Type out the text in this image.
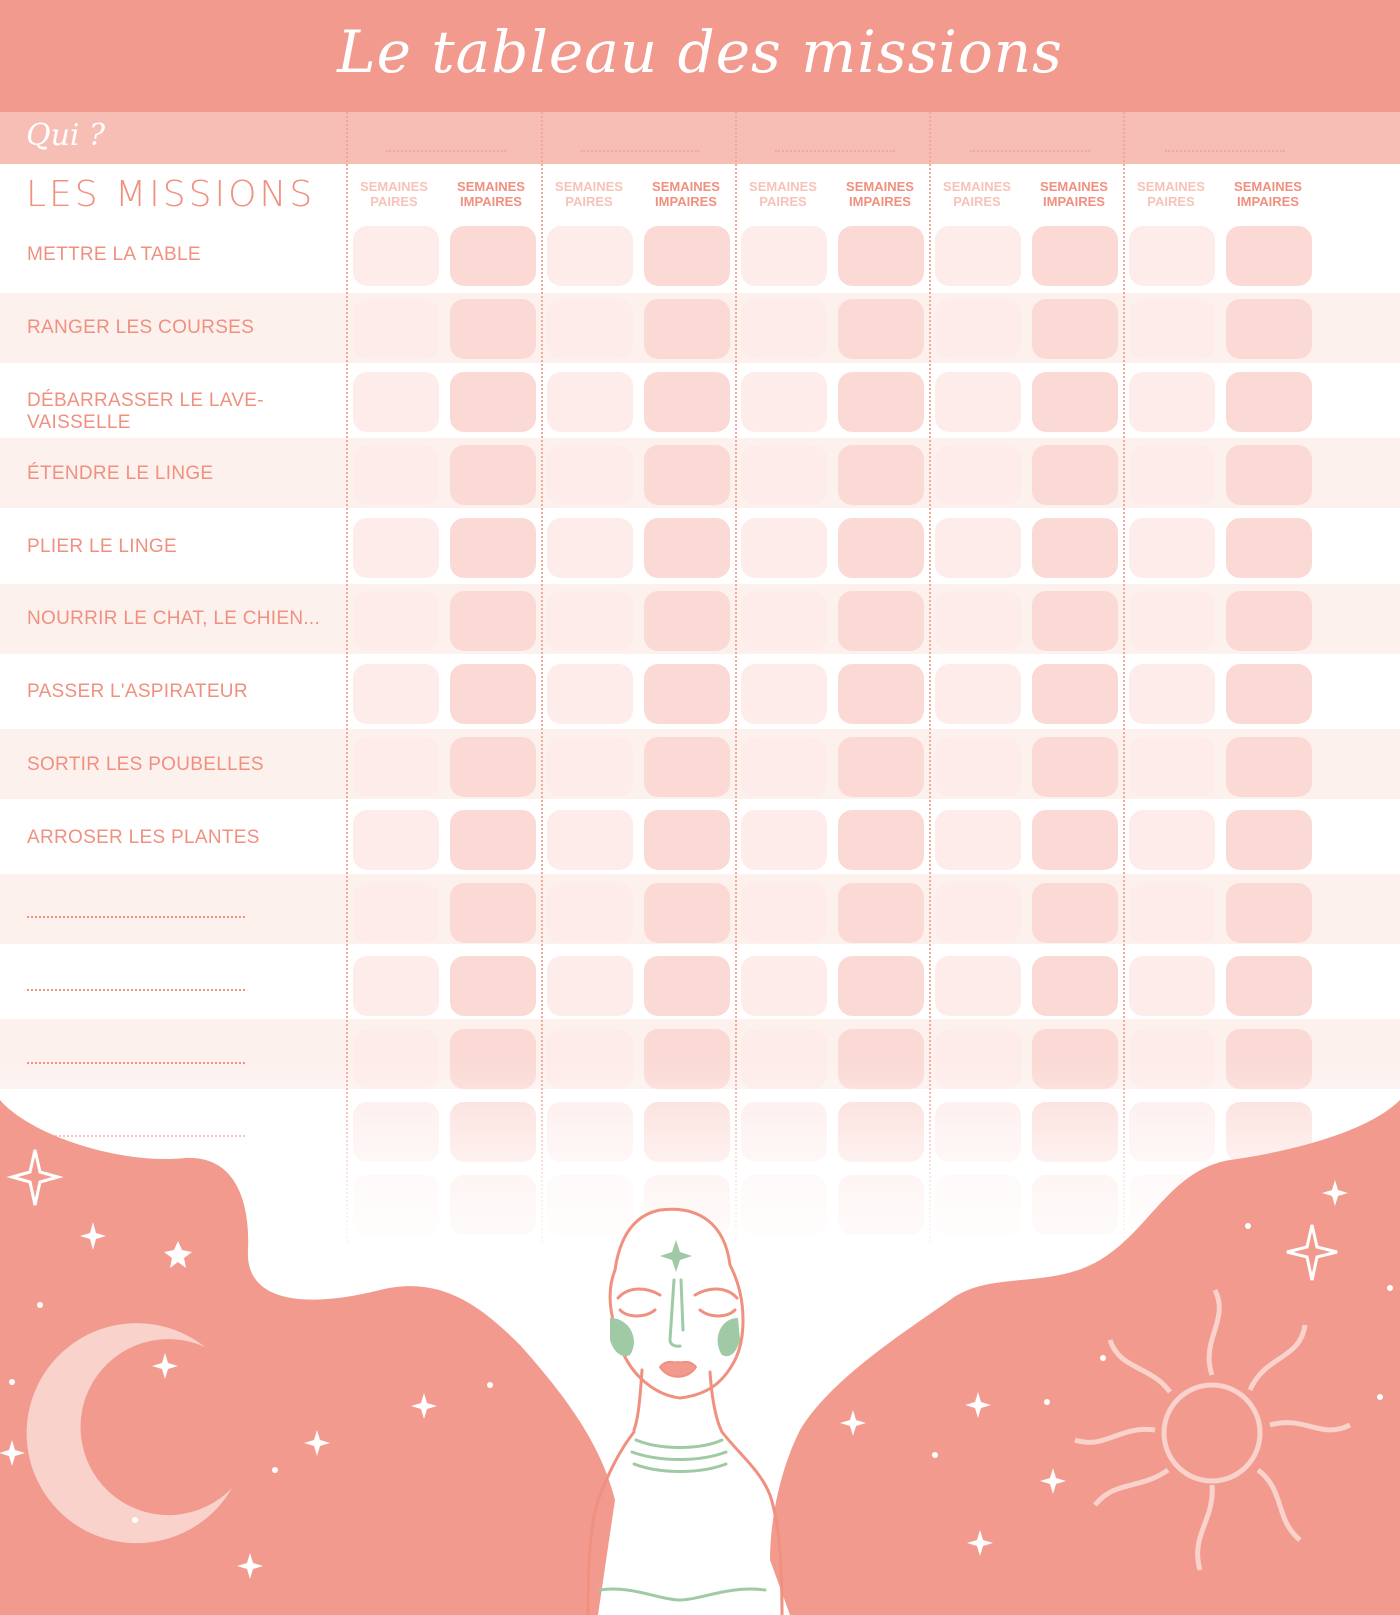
Le tableau des missions
Qui ?
LES MISSIONS	SEMAINES PAIRES
SEMAINES IMPAIRES
SEMAINES PAIRES
SEMAINES IMPAIRES
SEMAINES PAIRES
SEMAINES IMPAIRES
SEMAINES PAIRES
SEMAINES IMPAIRES
SEMAINES PAIRES
SEMAINES IMPAIRES
METTRE LA TABLE
RANGER LES COURSES
DÉBARRASSER LE LAVE-VAISSELLE
ÉTENDRE LE LINGE
PLIER LE LINGE
NOURRIR LE CHAT, LE CHIEN...
PASSER L'ASPIRATEUR
SORTIR LES POUBELLES
ARROSER LES PLANTES
